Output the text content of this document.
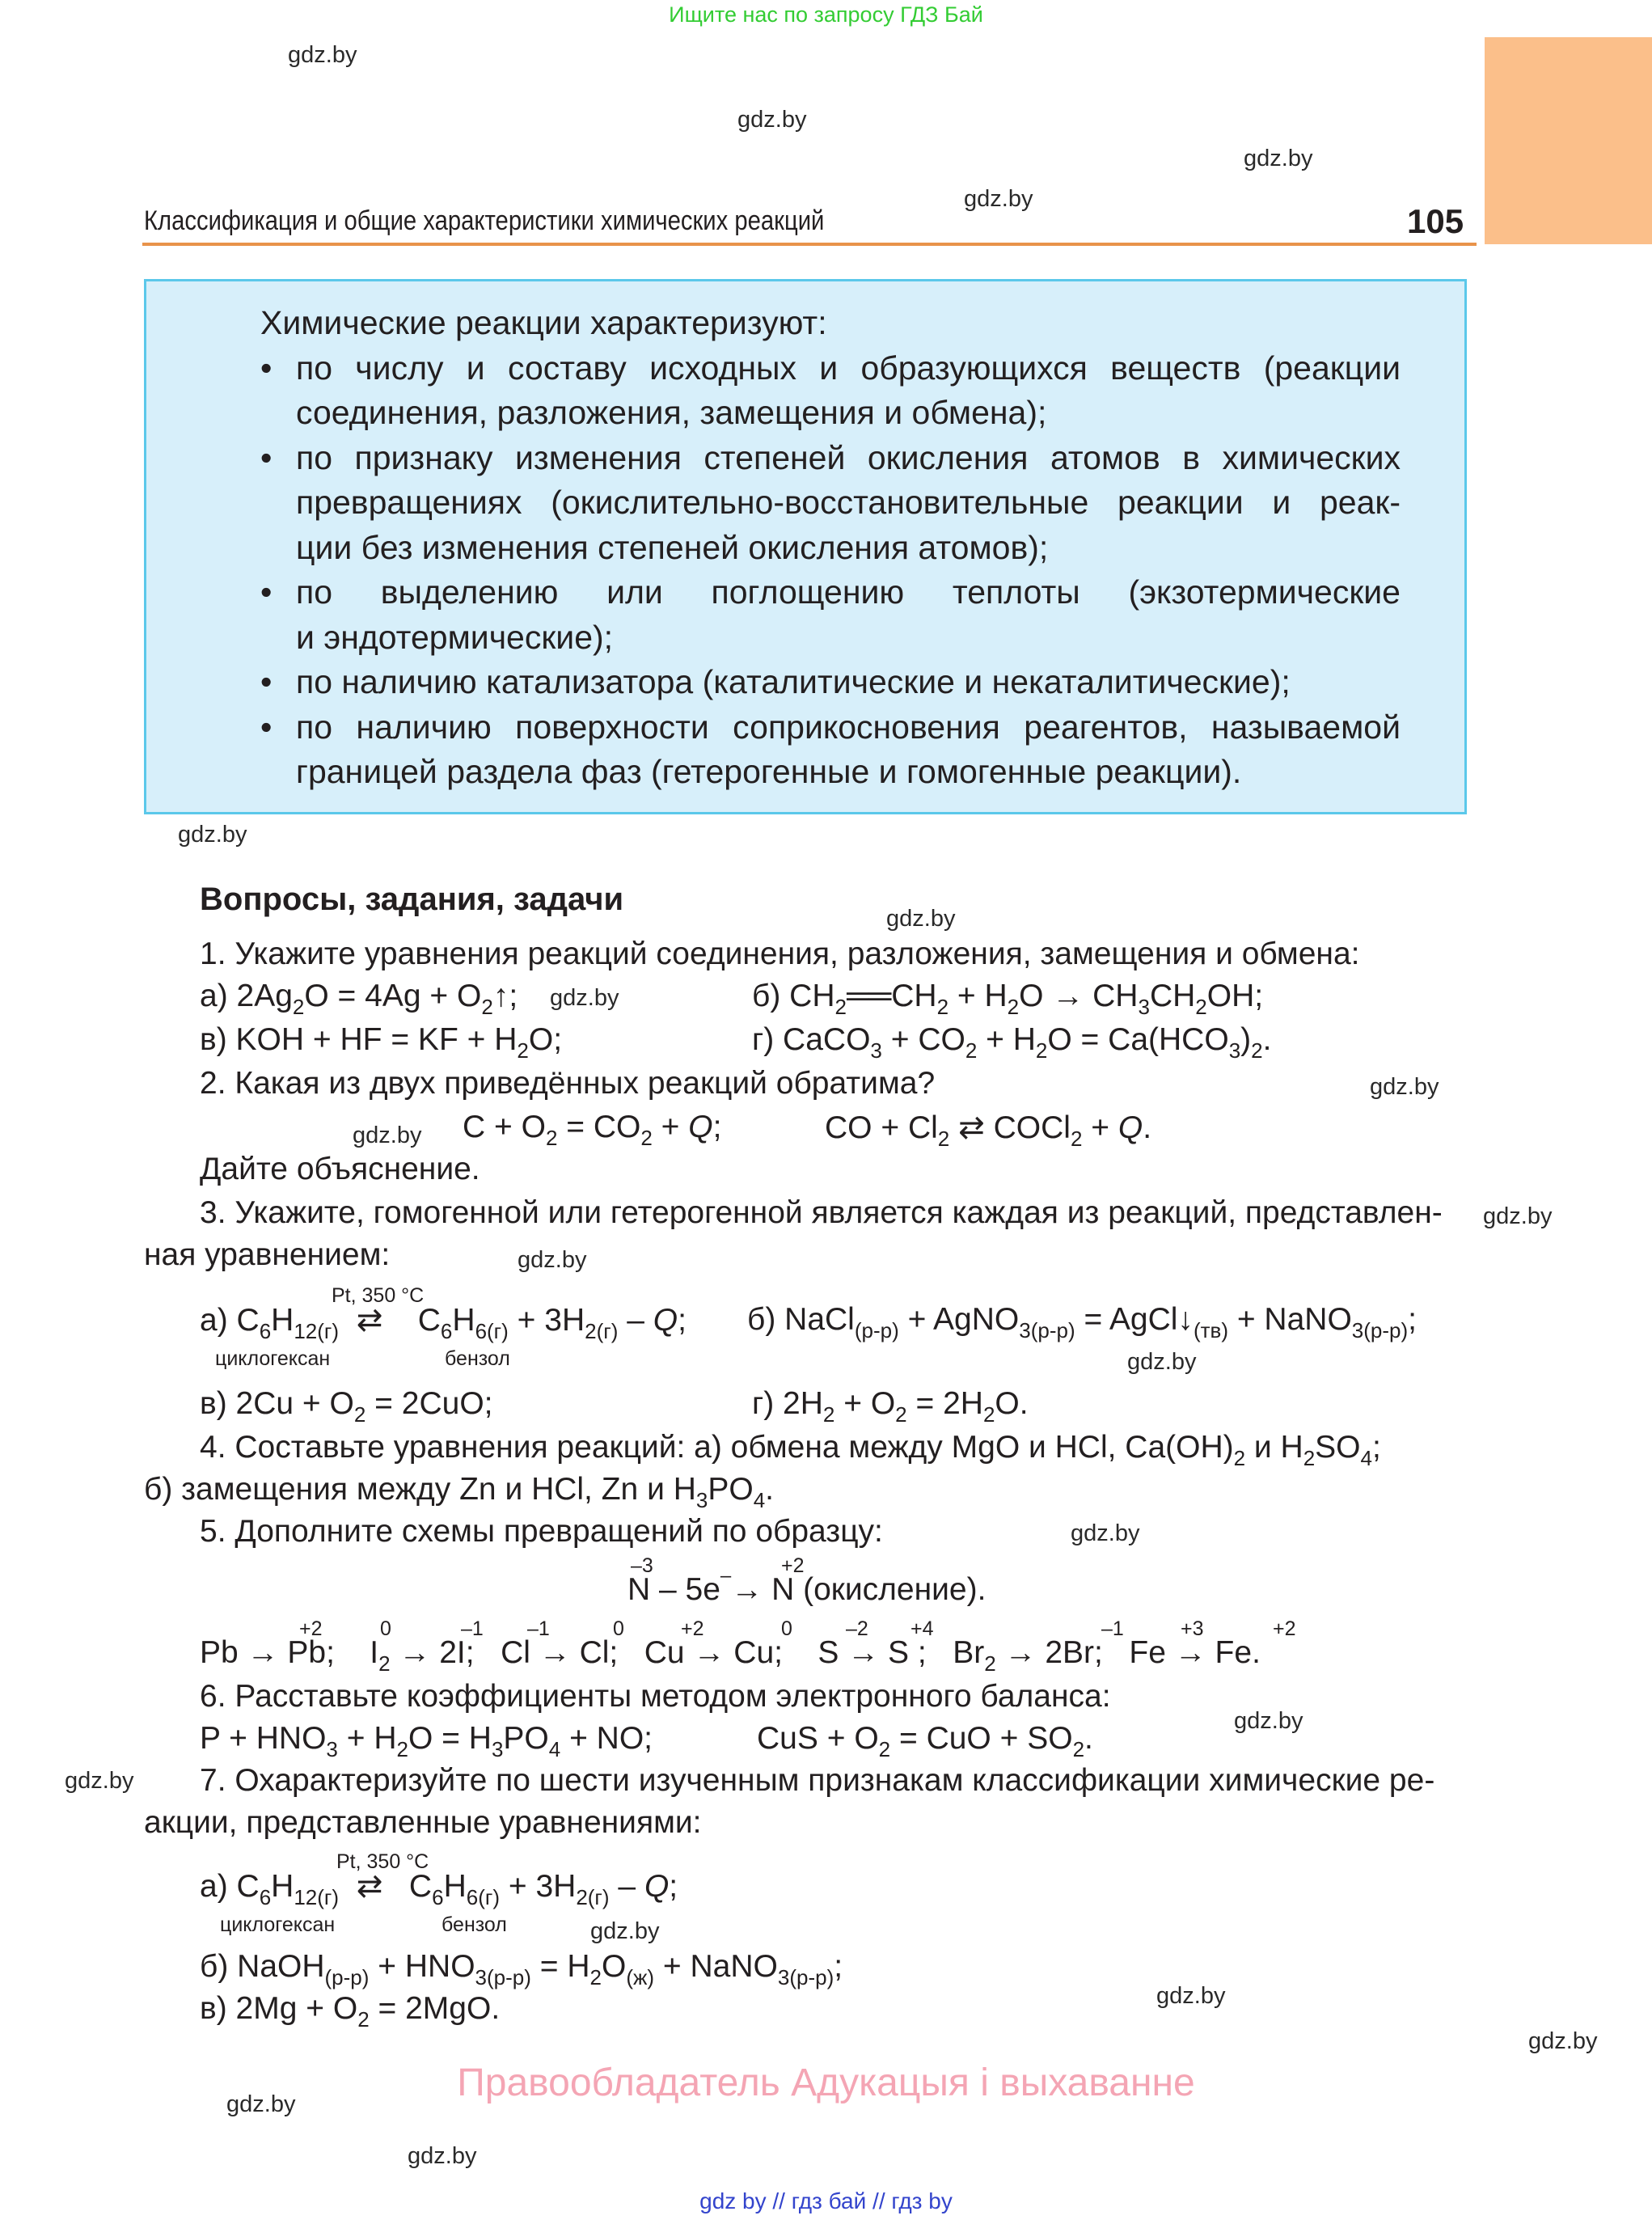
Ищите нас по запросу ГДЗ Бай
Классификация и общие характеристики химических реакций	105
gdz.by
gdz.by
gdz.by
gdz.by
gdz.by
gdz.by
gdz.by
gdz.by
gdz.by
gdz.by
gdz.by
gdz.by
gdz.by
gdz.by
gdz.by
gdz.by
gdz.by
gdz.by
gdz.by
gdz.by
Химические реакции характеризуют:
• по числу и составу исходных и образующихся веществ (реакции
соединения, разложения, замещения и обмена);
• по признаку изменения степеней окисления атомов в химических
превращениях (окислительно-восстановительные реакции и реак-
ции без изменения степеней окисления атомов);
• по выделению или поглощению теплоты (экзотермические
и эндотермические);
• по наличию катализатора (каталитические и некаталитические);
• по наличию поверхности соприкосновения реагентов, называемой
границей раздела фаз (гетерогенные и гомогенные реакции).
Вопросы, задания, задачи
1. Укажите уравнения реакций соединения, разложения, замещения и обмена:
а) $2Ag_2O = 4Ag$ + $O_2↑$;	б) $CH_2══CH_2 + H_2O \to CH_3CH_2OH$;
в) KOH + HF = KF + $H_2O$;	г) CaCO$_3$ + $CO_2 + H_2O = Ca(HCO_3)_2$.
2. Какая из двух приведённых реакций обратима?
$C + O_2 = CO_2 + Q$;	CO + $Cl_2$ ⇄ COCl$_2$ + Q.
Дайте объяснение.
3. Укажите, гомогенной или гетерогенной является каждая из реакций, представлен-
ная уравнением:
Pt, 350 °C
а) $C_6H_{12(г)}$  ⇄    $C_6H_{6(г)} + 3H_{2(г)} - Q$; б) NaCl$_{(р-р)}$ + AgNO$_{3(р-р)}$ = $AgCl↓_{(тв)}$ + NaNO$_{3(р-р)}$;
циклогексан	бензол
в) $2Cu + O_2 = 2CuO$;	г) $2H_2 + O_2 = 2H_2O$.
4. Составьте уравнения реакций: а) обмена между MgO и HCl, $Ca(OH)_2$ и $H_2SO_4$;
б) замещения между Zn и HCl, Zn и $H_3PO_4$.
5. Дополните схемы превращений по образцу:
N – 5e–→ N (окисление).
–3	+2
Pb → Pb;    $I_2 \to 2I$;   Cl → Cl;   Cu → Cu;    S → S ;   $Br_2 \to 2Br$;   Fe → Fe.
+2	0	–1 –1	0	+2	0	–2 +4	–1	+3	+2
6. Расставьте коэффициенты методом электронного баланса:
$P + HNO_3 + H_2O = H_3PO_4$ + NO;	CuS + $O_2$ = CuO + $SO_2$.
7. Охарактеризуйте по шести изученным признакам классификации химические ре-
акции, представленные уравнениями:
Pt, 350 °C
а) $C_6H_{12(г)}$  ⇄   $C_6H_{6(г)} + 3H_{2(г)} - Q$;
циклогексан	бензол
б) NaOH$_{(р-р)}$ + $HNO_{3(р-р)} = H_2O_{(ж)}$ + NaNO$_{3(р-р)}$;
в) $2Mg + O_2 = 2MgO$.
Правообладатель Адукацыя і выхаванне
gdz by // гдз бай // гдз by
